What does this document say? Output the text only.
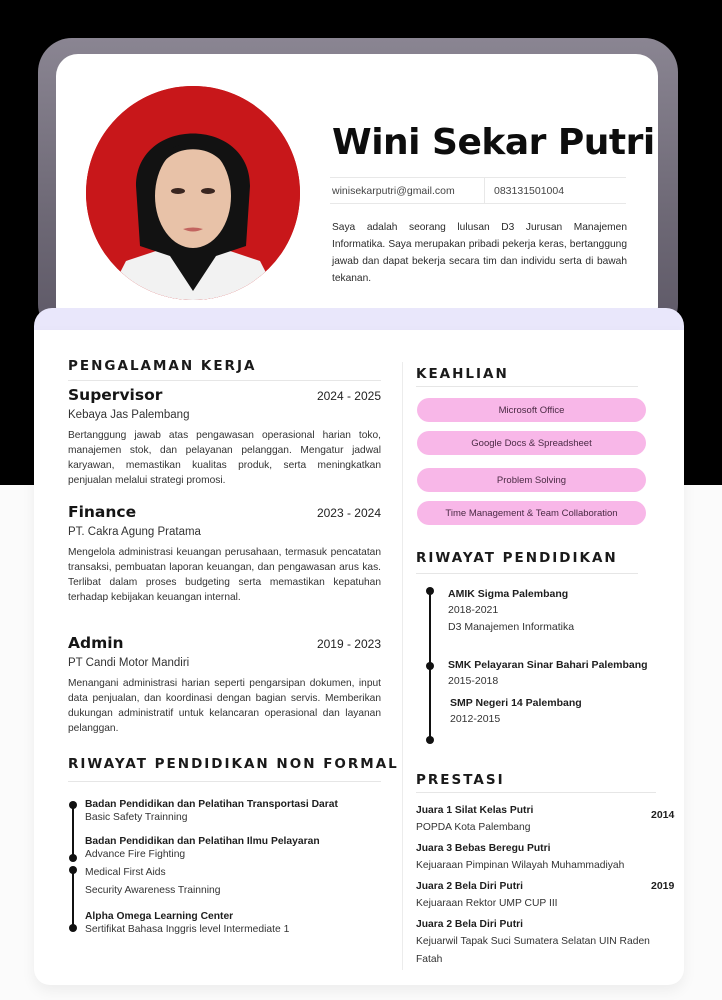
Wini Sekar Putri
winisekarputri@gmail.com	083131501004
Saya adalah seorang lulusan D3 Jurusan Manajemen Informatika. Saya merupakan pribadi pekerja keras, bertanggung jawab dan dapat bekerja secara tim dan individu serta di bawah tekanan.
PENGALAMAN KERJA
Supervisor	2024 - 2025
Kebaya Jas Palembang
Bertanggung jawab atas pengawasan operasional harian toko, manajemen stok, dan pelayanan pelanggan. Mengatur jadwal karyawan, memastikan kualitas produk, serta meningkatkan penjualan melalui strategi promosi.
Finance	2023 - 2024
PT. Cakra Agung Pratama
Mengelola administrasi keuangan perusahaan, termasuk pencatatan transaksi, pembuatan laporan keuangan, dan pengawasan arus kas. Terlibat dalam proses budgeting serta memastikan kepatuhan terhadap kebijakan keuangan internal.
Admin	2019 - 2023
PT Candi Motor Mandiri
Menangani administrasi harian seperti pengarsipan dokumen, input data penjualan, dan koordinasi dengan bagian servis. Memberikan dukungan administratif untuk kelancaran operasional dan layanan pelanggan.
RIWAYAT PENDIDIKAN NON FORMAL
Badan Pendidikan dan Pelatihan Transportasi Darat
Basic Safety Trainning
Badan Pendidikan dan Pelatihan Ilmu Pelayaran
Advance Fire Fighting
Medical First Aids
Security Awareness Trainning
Alpha Omega Learning Center
Sertifikat Bahasa Inggris level Intermediate 1
KEAHLIAN
Microsoft Office
Google Docs & Spreadsheet
Problem Solving
Time Management & Team Collaboration
RIWAYAT PENDIDIKAN
AMIK Sigma Palembang
2018-2021
D3 Manajemen Informatika
SMK Pelayaran Sinar Bahari Palembang
2015-2018
SMP Negeri 14 Palembang
2012-2015
PRESTASI
Juara 1 Silat Kelas Putri	2014
POPDA Kota Palembang
Juara 3 Bebas Beregu Putri
Kejuaraan Pimpinan Wilayah Muhammadiyah
Juara 2 Bela Diri Putri	2019
Kejuaraan Rektor UMP CUP III
Juara 2 Bela Diri Putri
Kejuarwil Tapak Suci Sumatera Selatan UIN Raden Fatah
